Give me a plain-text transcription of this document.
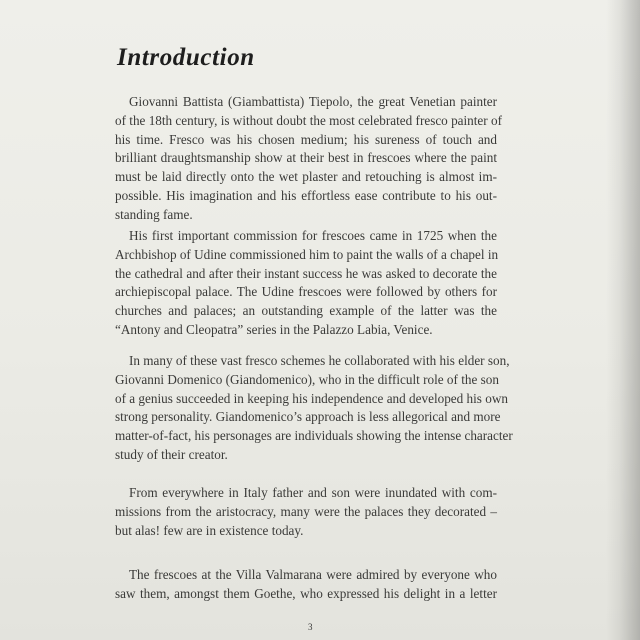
Introduction

Giovanni Battista (Giambattista) Tiepolo, the great Venetian painter
of the 18th century, is without doubt the most celebrated fresco painter of
his time. Fresco was his chosen medium; his sureness of touch and
brilliant draughtsmanship show at their best in frescoes where the paint
must be laid directly onto the wet plaster and retouching is almost im-
possible. His imagination and his effortless ease contribute to his out-
standing fame.

His first important commission for frescoes came in 1725 when the
Archbishop of Udine commissioned him to paint the walls of a chapel in
the cathedral and after their instant success he was asked to decorate the
archiepiscopal palace. The Udine frescoes were followed by others for
churches and palaces; an outstanding example of the latter was the
“Antony and Cleopatra” series in the Palazzo Labia, Venice.

In many of these vast fresco schemes he collaborated with his elder son,
Giovanni Domenico (Giandomenico), who in the difficult role of the son
of a genius succeeded in keeping his independence and developed his own
strong personality. Giandomenico’s approach is less allegorical and more
matter-of-fact, his personages are individuals showing the intense character
study of their creator.

From everywhere in Italy father and son were inundated with com-
missions from the aristocracy, many were the palaces they decorated –
but alas! few are in existence today.

The frescoes at the Villa Valmarana were admired by everyone who
saw them, amongst them Goethe, who expressed his delight in a letter

3
